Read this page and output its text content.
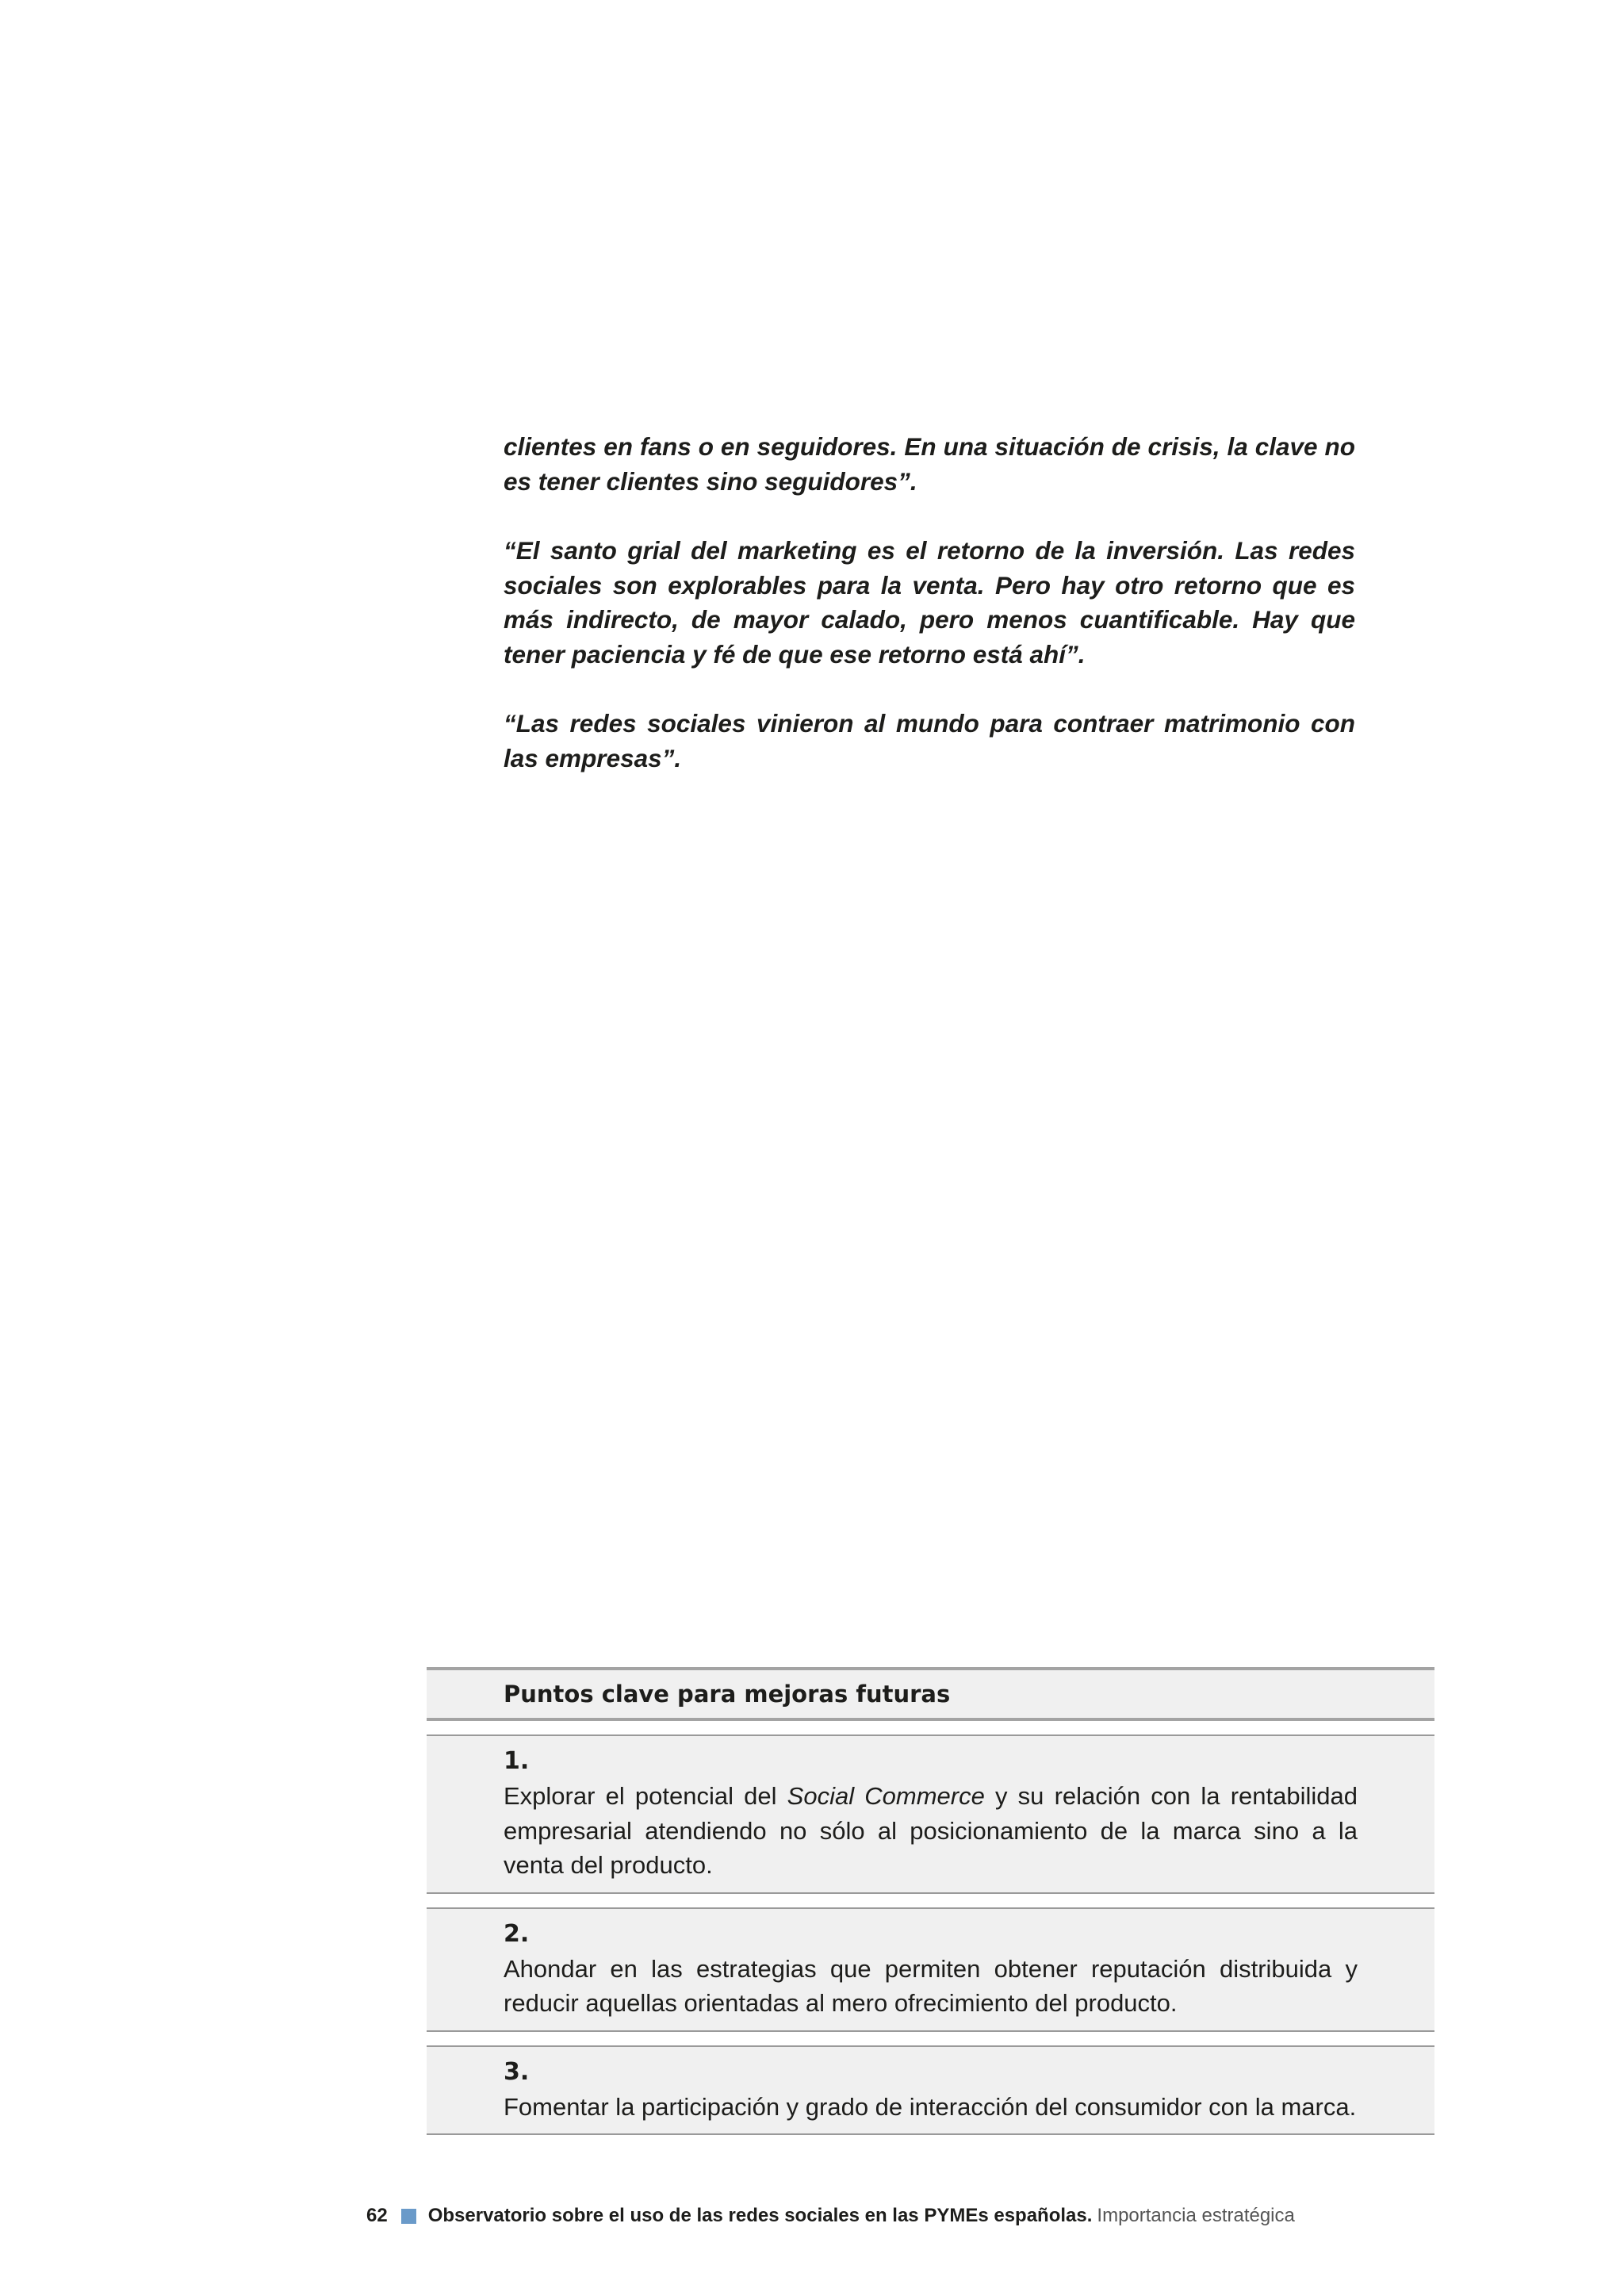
clientes en fans o en seguidores. En una situación de crisis, la clave no es tener clientes sino seguidores”.

“El santo grial del marketing es el retorno de la inversión. Las redes sociales son explorables para la venta. Pero hay otro retorno que es más indirecto, de mayor calado, pero menos cuantificable. Hay que tener paciencia y fé de que ese retorno está ahí”.

“Las redes sociales vinieron al mundo para contraer matrimonio con las empresas”.

Puntos clave para mejoras futuras
1.
Explorar el potencial del Social Commerce y su relación con la rentabilidad empresarial atendiendo no sólo al posicionamiento de la marca sino a la venta del producto.
2.
Ahondar en las estrategias que permiten obtener reputación distribuida y reducir aquellas orientadas al mero ofrecimiento del producto.
3.
Fomentar la participación y grado de interacción del consumidor con la marca.
62 Observatorio sobre el uso de las redes sociales en las PYMEs españolas. Importancia estratégica
